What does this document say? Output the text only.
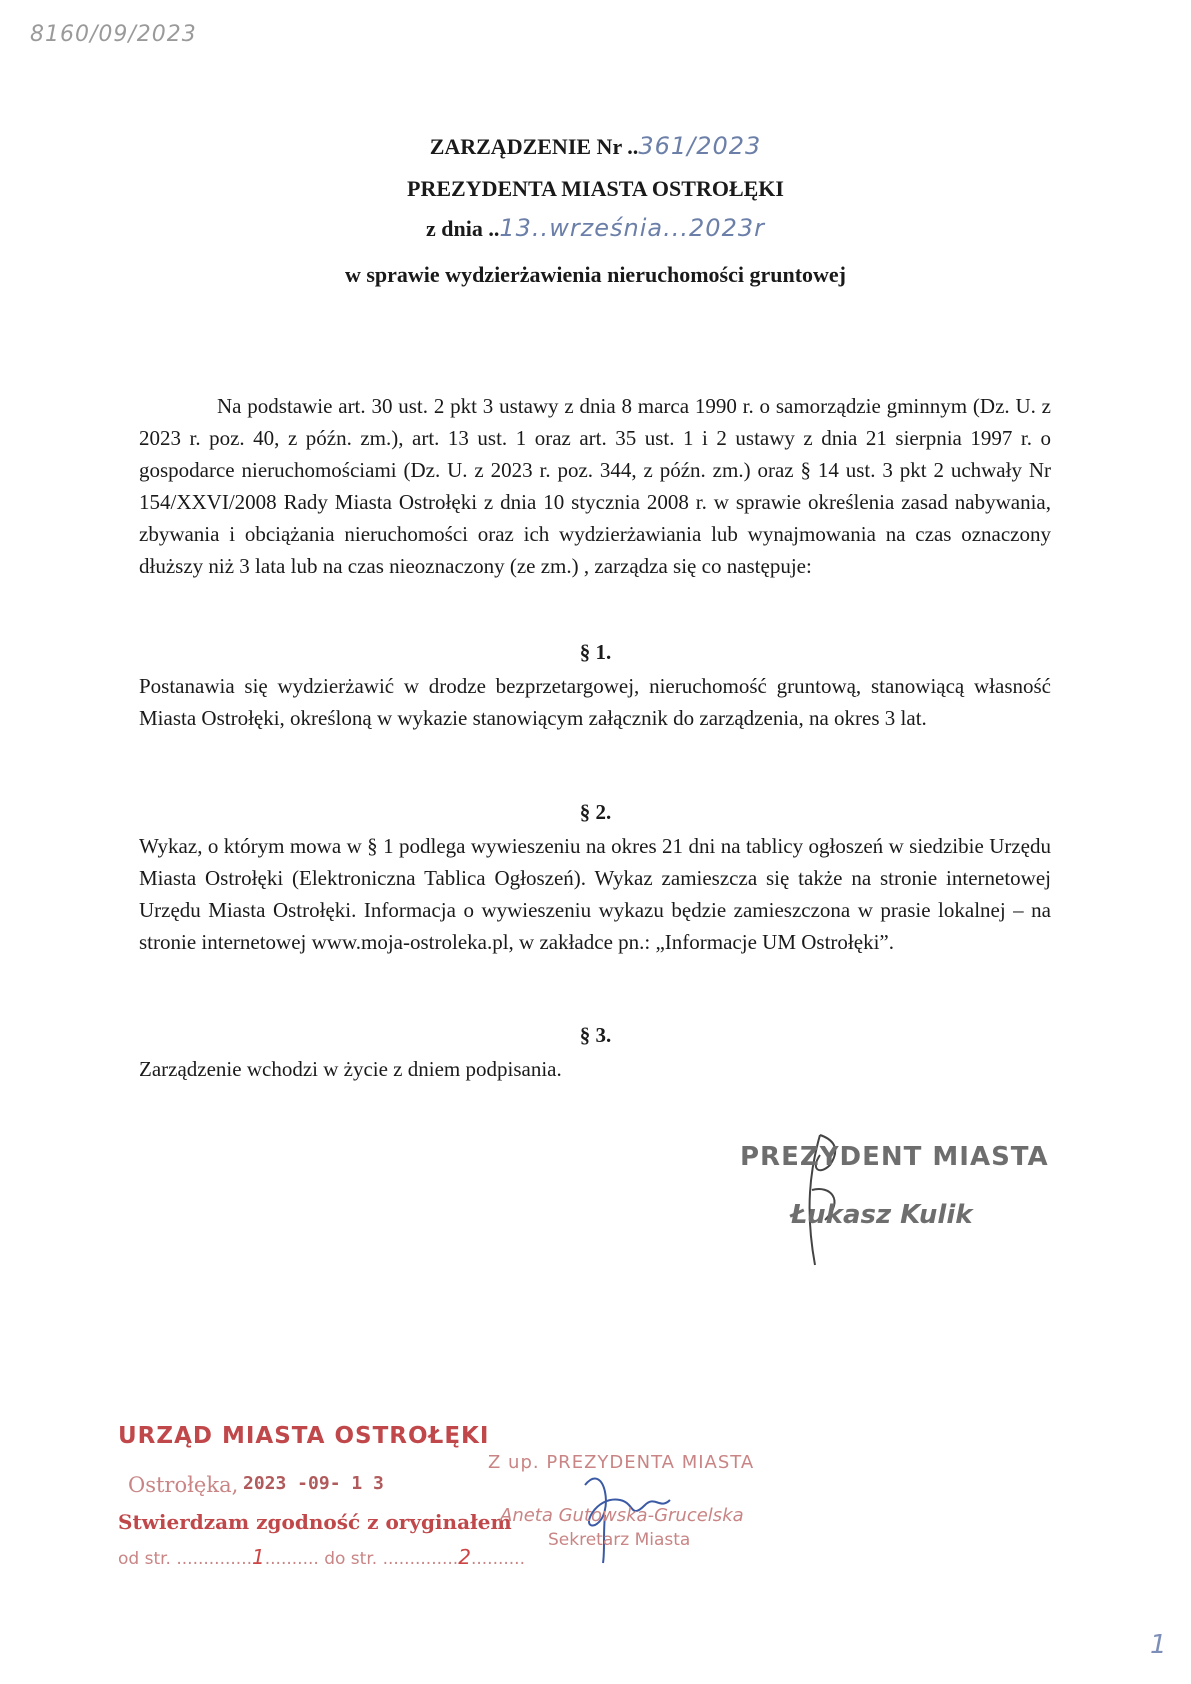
8160/09/2023
ZARZĄDZENIE Nr ..361/2023
PREZYDENTA MIASTA OSTROŁĘKI
z dnia ..13..września...2023r
w sprawie wydzierżawienia nieruchomości gruntowej

Na podstawie art. 30 ust. 2 pkt 3 ustawy z dnia 8 marca 1990 r. o samorządzie gminnym (Dz. U. z 2023 r. poz. 40, z późn. zm.), art. 13 ust. 1 oraz art. 35 ust. 1 i 2 ustawy z dnia 21 sierpnia 1997 r. o gospodarce nieruchomościami (Dz. U. z 2023 r. poz. 344, z późn. zm.) oraz § 14 ust. 3 pkt 2 uchwały Nr 154/XXVI/2008 Rady Miasta Ostrołęki z dnia 10 stycznia 2008 r. w sprawie określenia zasad nabywania, zbywania i obciążania nieruchomości oraz ich wydzierżawiania lub wynajmowania na czas oznaczony dłuższy niż 3 lata lub na czas nieoznaczony (ze zm.) , zarządza się co następuje:

§ 1.

Postanawia się wydzierżawić w drodze bezprzetargowej, nieruchomość gruntową, stanowiącą własność Miasta Ostrołęki, określoną w wykazie stanowiącym załącznik do zarządzenia, na okres 3 lat.

§ 2.

Wykaz, o którym mowa w § 1 podlega wywieszeniu na okres 21 dni na tablicy ogłoszeń w siedzibie Urzędu Miasta Ostrołęki (Elektroniczna Tablica Ogłoszeń). Wykaz zamieszcza się także na stronie internetowej Urzędu Miasta Ostrołęki. Informacja o wywieszeniu wykazu będzie zamieszczona w prasie lokalnej – na stronie internetowej www.moja-ostroleka.pl, w zakładce pn.: „Informacje UM Ostrołęki”.

§ 3.

Zarządzenie wchodzi w życie z dniem podpisania.

PREZYDENT MIASTA
Łukasz Kulik
URZĄD MIASTA OSTROŁĘKI
Ostrołęka, 2023 -09- 1 3
Stwierdzam zgodność z oryginałem
od str. ..............1.......... do str. ..............2..........
Z up. PREZYDENTA MIASTA
Aneta Gutowska-Grucelska
Sekretarz Miasta
1
